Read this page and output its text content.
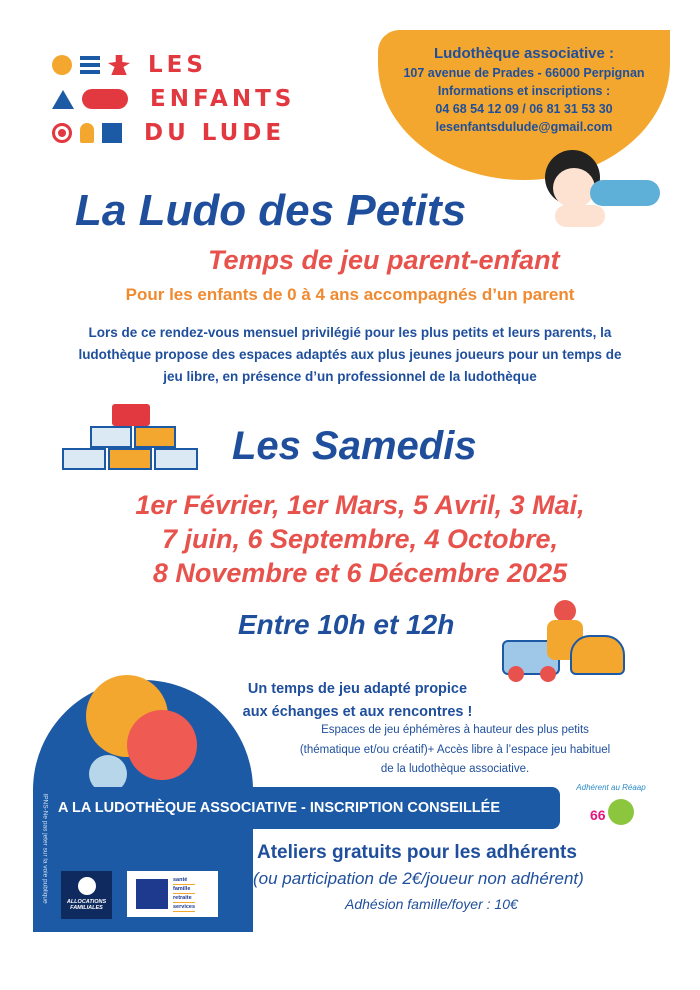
LES
ENFANTS
DU LUDE
Ludothèque associative :
107 avenue de Prades - 66000 Perpignan
Informations et inscriptions :
04 68 54 12 09 / 06 81 31 53 30
lesenfantsdulude@gmail.com
La Ludo des Petits
Temps de jeu parent-enfant
Pour les enfants de 0 à 4 ans accompagnés d’un parent
Lors de ce rendez-vous mensuel privilégié pour les plus petits et leurs parents, la
ludothèque propose des espaces adaptés aux plus jeunes joueurs pour un temps de
jeu libre, en présence d’un professionnel de la ludothèque
Les Samedis
1er Février, 1er Mars, 5 Avril, 3 Mai,
7 juin, 6 Septembre, 4 Octobre,
8 Novembre et 6 Décembre 2025
Entre 10h et 12h
Un temps de jeu adapté propice
aux échanges et aux rencontres !
Espaces de jeu éphémères à hauteur des plus petits
(thématique et/ou créatif)+ Accès libre à l’espace jeu habituel
de la ludothèque associative.
A LA LUDOTHÈQUE ASSOCIATIVE - INSCRIPTION CONSEILLÉE
Adhérent au Réaap
66
Ateliers gratuits pour les adhérents
(ou participation de 2€/joueur non adhérent)
Adhésion famille/foyer : 10€
IPNS-Ne pas jeter sur la voie publique	ALLOCATIONS FAMILIALES
santé
famille
retraite
services
